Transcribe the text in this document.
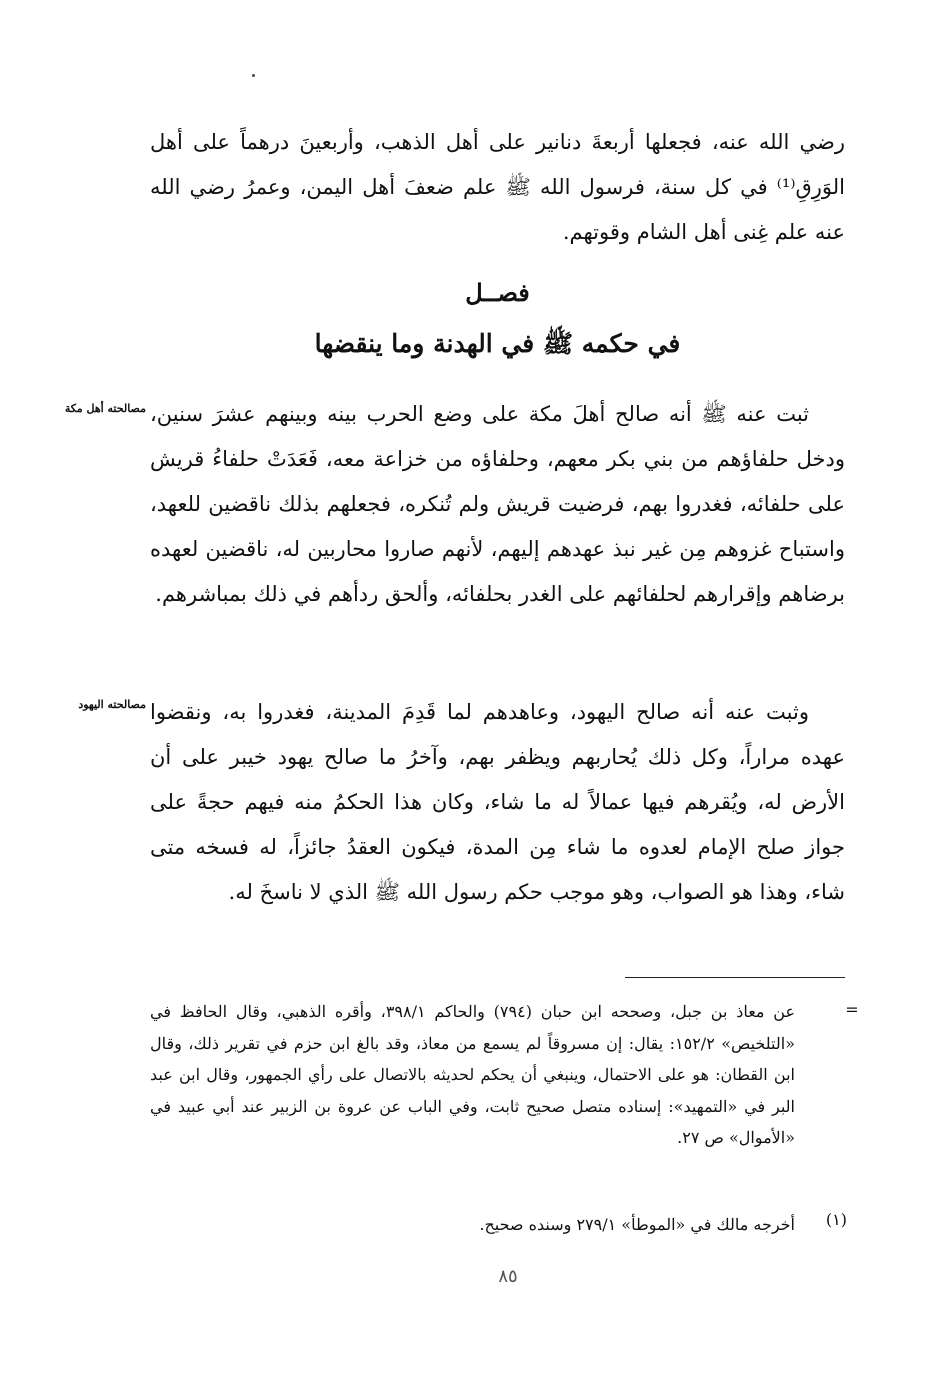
رضي الله عنه، فجعلها أربعةَ دنانير على أهل الذهب، وأربعينَ درهماً على أهل الوَرِقِ⁽¹⁾ في كل سنة، فرسول الله ﷺ علم ضعفَ أهل اليمن، وعمرُ رضي الله عنه علم غِنى أهل الشام وقوتهم.

فصــل
في حكمه ﷺ في الهدنة وما ينقضها
مصالحته أهل مكة ثبت عنه ﷺ أنه صالح أهلَ مكة على وضع الحرب بينه وبينهم عشرَ سنين، ودخل حلفاؤهم من بني بكر معهم، وحلفاؤه من خزاعة معه، فَعَدَتْ حلفاءُ قريش على حلفائه، فغدروا بهم، فرضيت قريش ولم تُنكره، فجعلهم بذلك ناقضين للعهد، واستباح غزوهم مِن غير نبذ عهدهم إليهم، لأنهم صاروا محاربين له، ناقضين لعهده برضاهم وإقرارهم لحلفائهم على الغدر بحلفائه، وألحق ردأهم في ذلك بمباشرهم.

مصالحته اليهود وثبت عنه أنه صالح اليهود، وعاهدهم لما قَدِمَ المدينة، فغدروا به، ونقضوا عهده مراراً، وكل ذلك يُحاربهم ويظفر بهم، وآخرُ ما صالح يهود خيبر على أن الأرض له، ويُقرهم فيها عمالاً له ما شاء، وكان هذا الحكمُ منه فيهم حجةً على جواز صلح الإمام لعدوه ما شاء مِن المدة، فيكون العقدُ جائزاً، له فسخه متى شاء، وهذا هو الصواب، وهو موجب حكم رسول الله ﷺ الذي لا ناسخَ له.

=

عن معاذ بن جبل، وصححه ابن حبان (٧٩٤) والحاكم ٣٩٨/١، وأقره الذهبي، وقال الحافظ في «التلخيص» ١٥٢/٢: يقال: إن مسروقاً لم يسمع من معاذ، وقد بالغ ابن حزم في تقرير ذلك، وقال ابن القطان: هو على الاحتمال، وينبغي أن يحكم لحديثه بالاتصال على رأي الجمهور، وقال ابن عبد البر في «التمهيد»: إسناده متصل صحيح ثابت، وفي الباب عن عروة بن الزبير عند أبي عبيد في «الأموال» ص ٢٧.

(١)

أخرجه مالك في «الموطأ» ٢٧٩/١ وسنده صحيح.

٨٥
